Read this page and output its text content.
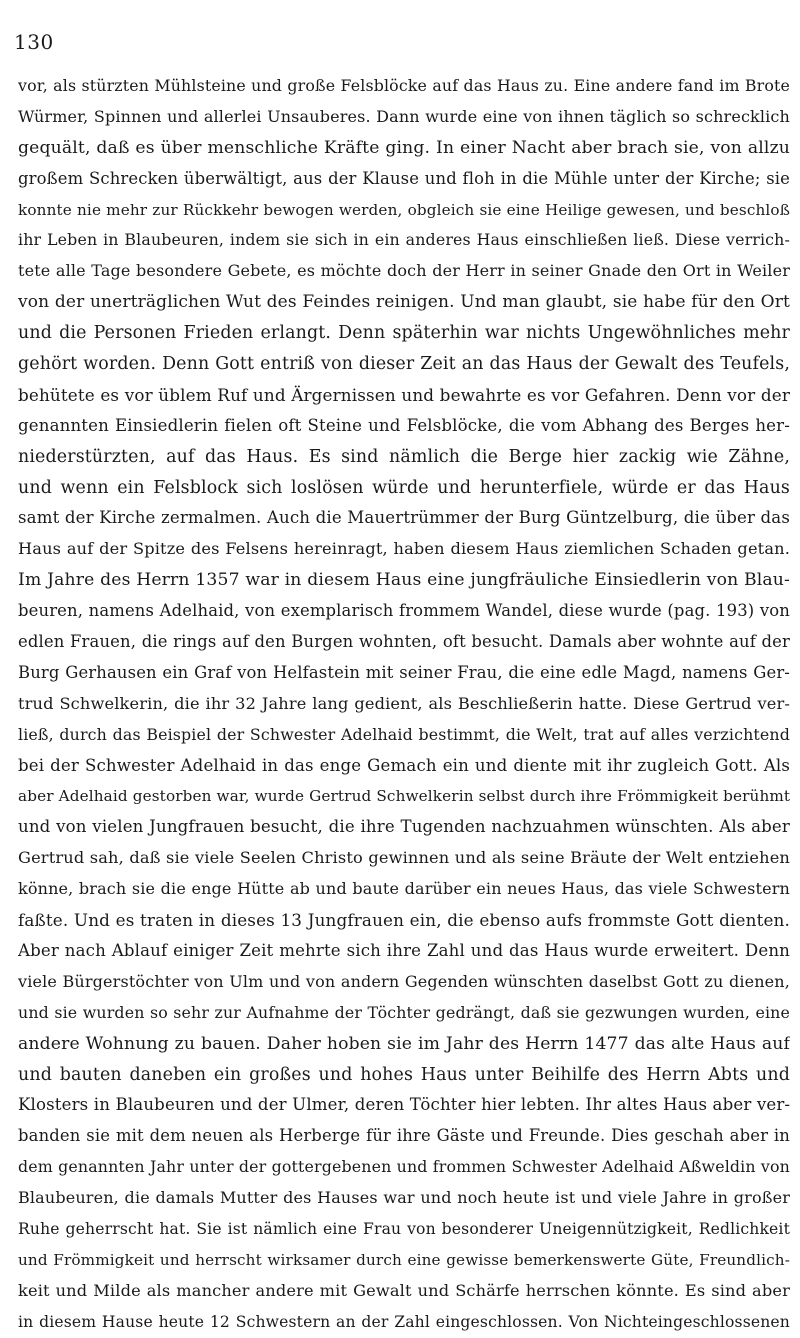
130
vor, als stürzten Mühlsteine und große Felsblöcke auf das Haus zu. Eine andere fand im Brote
Würmer, Spinnen und allerlei Unsauberes. Dann wurde eine von ihnen täglich so schrecklich
gequält, daß es über menschliche Kräfte ging. In einer Nacht aber brach sie, von allzu
großem Schrecken überwältigt, aus der Klause und floh in die Mühle unter der Kirche; sie
konnte nie mehr zur Rückkehr bewogen werden, obgleich sie eine Heilige gewesen, und beschloß
ihr Leben in Blaubeuren, indem sie sich in ein anderes Haus einschließen ließ. Diese verrich-
tete alle Tage besondere Gebete, es möchte doch der Herr in seiner Gnade den Ort in Weiler
von der unerträglichen Wut des Feindes reinigen. Und man glaubt, sie habe für den Ort
und die Personen Frieden erlangt. Denn späterhin war nichts Ungewöhnliches mehr
gehört worden. Denn Gott entriß von dieser Zeit an das Haus der Gewalt des Teufels,
behütete es vor üblem Ruf und Ärgernissen und bewahrte es vor Gefahren. Denn vor der
genannten Einsiedlerin fielen oft Steine und Felsblöcke, die vom Abhang des Berges her-
niederstürzten, auf das Haus. Es sind nämlich die Berge hier zackig wie Zähne,
und wenn ein Felsblock sich loslösen würde und herunterfiele, würde er das Haus
samt der Kirche zermalmen. Auch die Mauertrümmer der Burg Güntzelburg, die über das
Haus auf der Spitze des Felsens hereinragt, haben diesem Haus ziemlichen Schaden getan.
Im Jahre des Herrn 1357 war in diesem Haus eine jungfräuliche Einsiedlerin von Blau-
beuren, namens Adelhaid, von exemplarisch frommem Wandel, diese wurde (pag. 193) von
edlen Frauen, die rings auf den Burgen wohnten, oft besucht. Damals aber wohnte auf der
Burg Gerhausen ein Graf von Helfastein mit seiner Frau, die eine edle Magd, namens Ger-
trud Schwelkerin, die ihr 32 Jahre lang gedient, als Beschließerin hatte. Diese Gertrud ver-
ließ, durch das Beispiel der Schwester Adelhaid bestimmt, die Welt, trat auf alles verzichtend
bei der Schwester Adelhaid in das enge Gemach ein und diente mit ihr zugleich Gott. Als
aber Adelhaid gestorben war, wurde Gertrud Schwelkerin selbst durch ihre Frömmigkeit berühmt
und von vielen Jungfrauen besucht, die ihre Tugenden nachzuahmen wünschten. Als aber
Gertrud sah, daß sie viele Seelen Christo gewinnen und als seine Bräute der Welt entziehen
könne, brach sie die enge Hütte ab und baute darüber ein neues Haus, das viele Schwestern
faßte. Und es traten in dieses 13 Jungfrauen ein, die ebenso aufs frommste Gott dienten.
Aber nach Ablauf einiger Zeit mehrte sich ihre Zahl und das Haus wurde erweitert. Denn
viele Bürgerstöchter von Ulm und von andern Gegenden wünschten daselbst Gott zu dienen,
und sie wurden so sehr zur Aufnahme der Töchter gedrängt, daß sie gezwungen wurden, eine
andere Wohnung zu bauen. Daher hoben sie im Jahr des Herrn 1477 das alte Haus auf
und bauten daneben ein großes und hohes Haus unter Beihilfe des Herrn Abts und
Klosters in Blaubeuren und der Ulmer, deren Töchter hier lebten. Ihr altes Haus aber ver-
banden sie mit dem neuen als Herberge für ihre Gäste und Freunde. Dies geschah aber in
dem genannten Jahr unter der gottergebenen und frommen Schwester Adelhaid Aßweldin von
Blaubeuren, die damals Mutter des Hauses war und noch heute ist und viele Jahre in großer
Ruhe geherrscht hat. Sie ist nämlich eine Frau von besonderer Uneigennützigkeit, Redlichkeit
und Frömmigkeit und herrscht wirksamer durch eine gewisse bemerkenswerte Güte, Freundlich-
keit und Milde als mancher andere mit Gewalt und Schärfe herrschen könnte. Es sind aber
in diesem Hause heute 12 Schwestern an der Zahl eingeschlossen. Von Nichteingeschlossenen
